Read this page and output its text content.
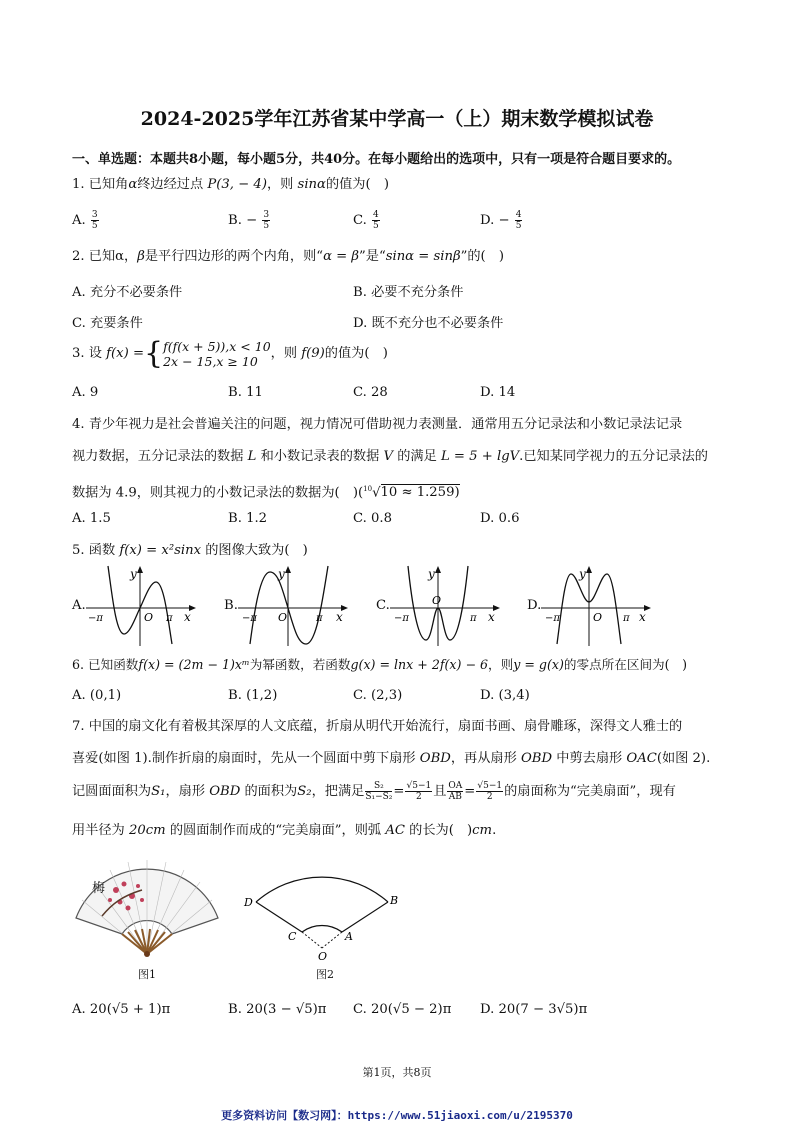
2024-2025学年江苏省某中学高一（上）期末数学模拟试卷
一、单选题：本题共8小题，每小题5分，共40分。在每小题给出的选项中，只有一项是符合题目要求的。
1. 已知角α终边经过点 P(3, − 4)，则 sinα的值为(　)
A. $\frac{3}{5}$	B. − $\frac{3}{5}$	C. $\frac{4}{5}$	D. − $\frac{4}{5}$
2. 已知α，β是平行四边形的两个内角，则“α = β”是“sinα = sinβ”的(　)
A. 充分不必要条件	B. 必要不充分条件
C. 充要条件	D. 既不充分也不必要条件
3. 设 f(x) ={ f(f(x + 5)),x < 10
2x − 15,x ≥ 10
，则 f(9)的值为(　)
A. 9	B. 11	C. 28	D. 14
4. 青少年视力是社会普遍关注的问题，视力情况可借助视力表测量．通常用五分记录法和小数记录法记录
视力数据，五分记录法的数据 L 和小数记录表的数据 V 的满足 L = 5 + lgV.已知某同学视力的五分记录法的
数据为 4.9，则其视力的小数记录法的数据为(　)($^{10}$√10 ≈ 1.259)
A. 1.5	B. 1.2	C. 0.8	D. 0.6
5. 函数 f(x) = x²sinx 的图像大致为(　)
A.	B.	C.	D.
−π	O π x
y
−π O	π x
y
−π
O
π x
y
−π	O π x
y
6. 已知函数f(x) = (2m − 1)xᵐ为幂函数，若函数g(x) = lnx + 2f(x) − 6，则y = g(x)的零点所在区间为(　)
A. (0,1)	B. (1,2)	C. (2,3)	D. (3,4)
7. 中国的扇文化有着极其深厚的人文底蕴，折扇从明代开始流行，扇面书画、扇骨雕琢，深得文人雅士的
喜爱(如图 1).制作折扇的扇面时，先从一个圆面中剪下扇形 OBD，再从扇形 OBD 中剪去扇形 OAC(如图 2).
记圆面面积为S₁，扇形 OBD 的面积为S₂，把满足 $\frac{\text{S₂}}{\text{S₁−S₂}} = \frac{√5-1}{2}$ 且 $\frac{OA}{AB} = \frac{√5-1}{2}$ 的扇面称为“完美扇面”，现有
用半径为 20cm 的圆面制作而成的“完美扇面”，则弧 AC 的长为(　)cm.
梅
图1
D	B
C	A
O
图2
A. 20(√5 + 1)π	B. 20(3 − √5)π C. 20(√5 − 2)π D. 20(7 − 3√5)π
第1页，共8页
更多资料访问【数习网】：https://www.51jiaoxi.com/u/2195370
